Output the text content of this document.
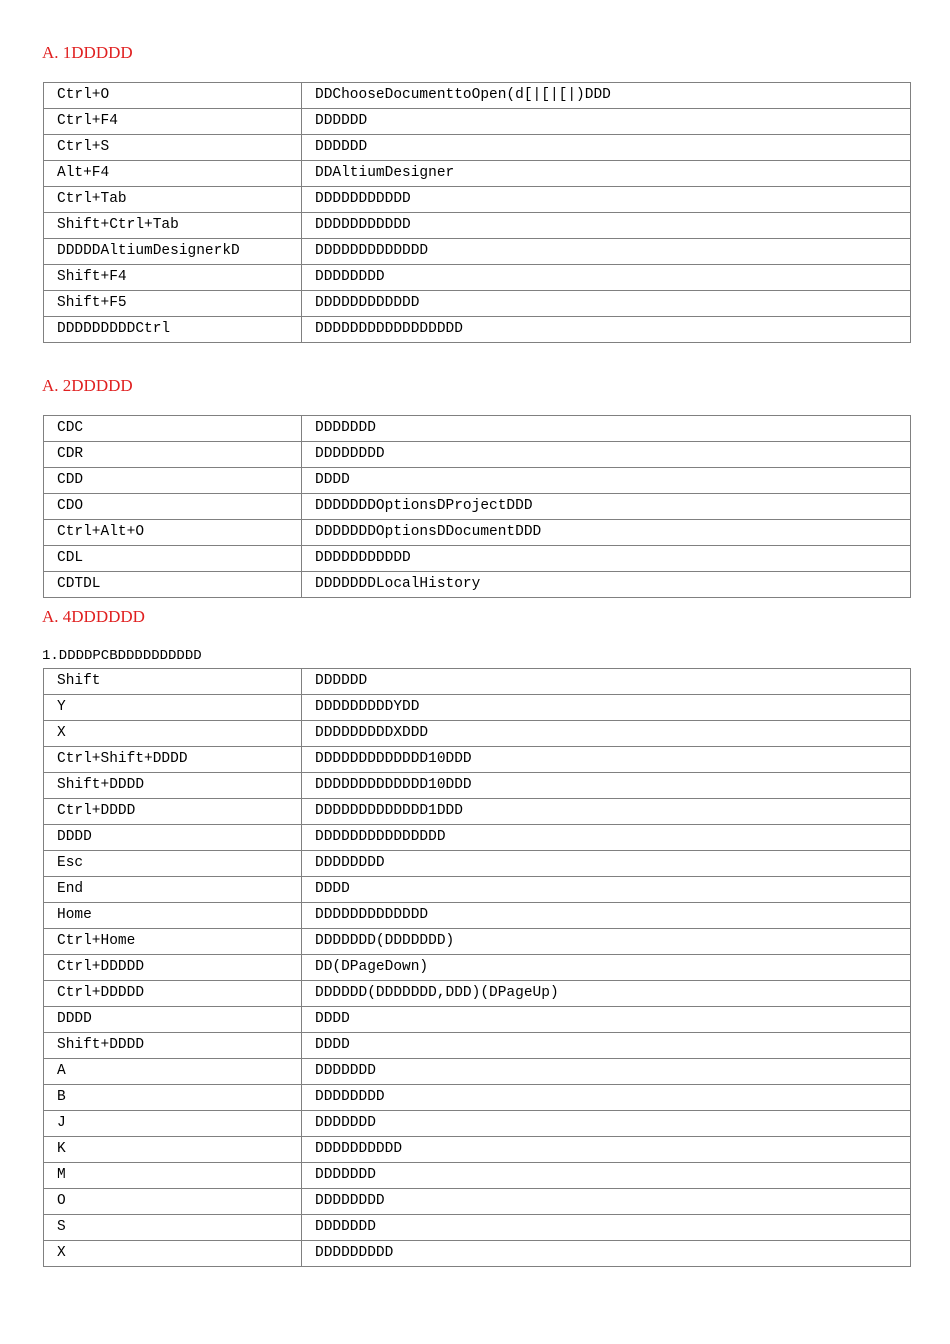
A. 1DDDDD
Ctrl+O	DDChooseDocumenttoOpen(d[|[|[|)DDD
Ctrl+F4	DDDDDD
Ctrl+S	DDDDDD
Alt+F4	DDAltiumDesigner
Ctrl+Tab	DDDDDDDDDDD
Shift+Ctrl+Tab	DDDDDDDDDDD
DDDDDAltiumDesignerkD	DDDDDDDDDDDDD
Shift+F4	DDDDDDDD
Shift+F5	DDDDDDDDDDDD
DDDDDDDDDCtrl	DDDDDDDDDDDDDDDDD
A. 2DDDDD
CDC	DDDDDDD
CDR	DDDDDDDD
CDD	DDDD
CDO	DDDDDDDOptionsDProjectDDD
Ctrl+Alt+O	DDDDDDDOptionsDDocumentDDD
CDL	DDDDDDDDDDD
CDTDL	DDDDDDDLocalHistory
A. 4DDDDDD

1.DDDDPCBDDDDDDDDDD

Shift	DDDDDD
Y	DDDDDDDDDYDD
X	DDDDDDDDDXDDD
Ctrl+Shift+DDDD	DDDDDDDDDDDDD10DDD
Shift+DDDD	DDDDDDDDDDDDD10DDD
Ctrl+DDDD	DDDDDDDDDDDDD1DDD
DDDD	DDDDDDDDDDDDDDD
Esc	DDDDDDDD
End	DDDD
Home	DDDDDDDDDDDDD
Ctrl+Home	DDDDDDD(DDDDDDD)
Ctrl+DDDDD	DD(DPageDown)
Ctrl+DDDDD	DDDDDD(DDDDDDD,DDD)(DPageUp)
DDDD	DDDD
Shift+DDDD	DDDD
A	DDDDDDD
B	DDDDDDDD
J	DDDDDDD
K	DDDDDDDDDD
M	DDDDDDD
O	DDDDDDDD
S	DDDDDDD
X	DDDDDDDDD
